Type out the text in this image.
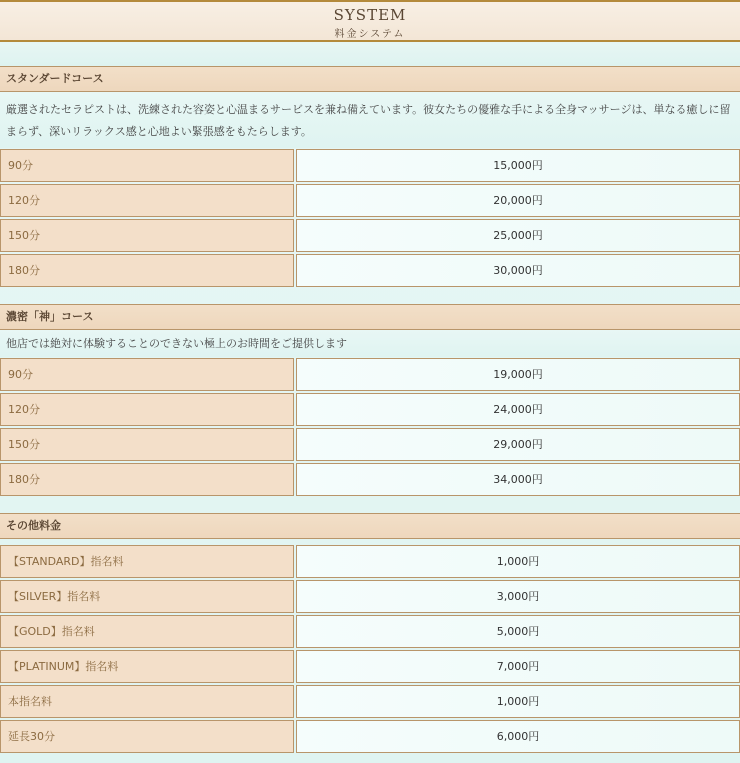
SYSTEM
料金システム
スタンダードコース
厳選されたセラピストは、洗練された容姿と心温まるサービスを兼ね備えています。彼女たちの優雅な手による全身マッサージは、単なる癒しに留まらず、深いリラックス感と心地よい緊張感をもたらします。
90分	15,000円
120分	20,000円
150分	25,000円
180分	30,000円
濃密「神」コース
他店では絶対に体験することのできない極上のお時間をご提供します
90分	19,000円
120分	24,000円
150分	29,000円
180分	34,000円
その他料金
【STANDARD】指名料	1,000円
【SILVER】指名料	3,000円
【GOLD】指名料	5,000円
【PLATINUM】指名料	7,000円
本指名料	1,000円
延長30分	6,000円
